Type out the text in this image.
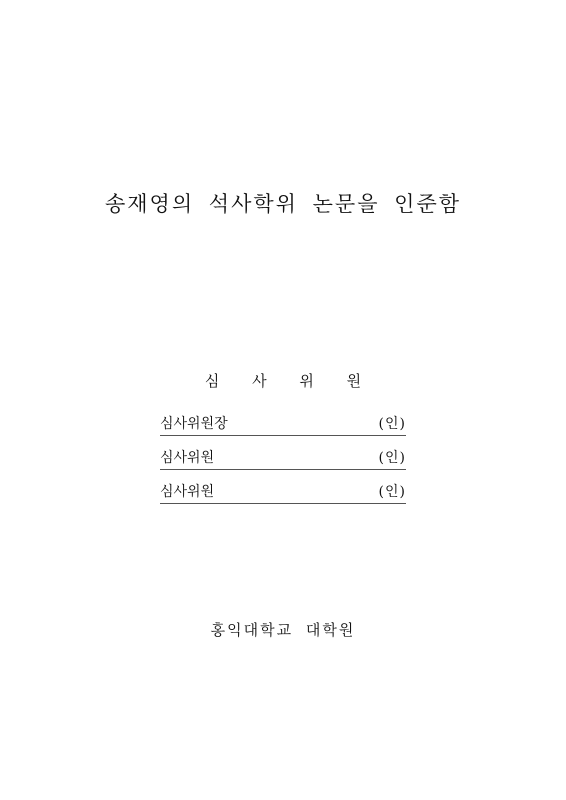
송재영의 석사학위 논문을 인준함
심 사 위 원
심사위원장	(인)
심사위원	(인)
심사위원	(인)
홍익대학교 대학원
